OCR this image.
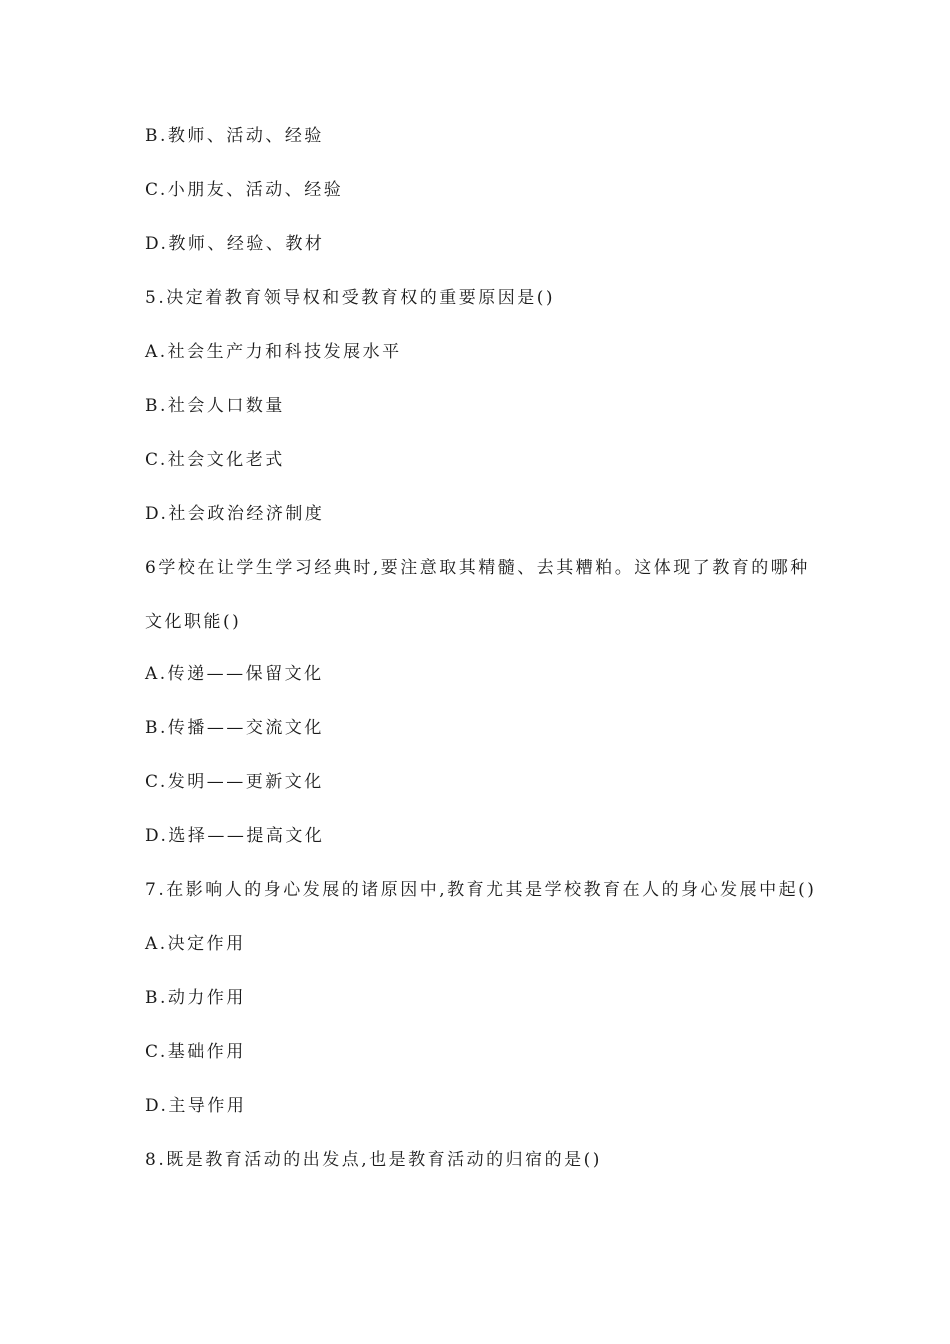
B.教师、活动、经验
C.小朋友、活动、经验
D.教师、经验、教材
5.决定着教育领导权和受教育权的重要原因是()
A.社会生产力和科技发展水平
B.社会人口数量
C.社会文化老式
D.社会政治经济制度
6学校在让学生学习经典时,要注意取其精髓、去其糟粕。这体现了教育的哪种
文化职能()
A.传递——保留文化
B.传播——交流文化
C.发明——更新文化
D.选择——提高文化
7.在影响人的身心发展的诸原因中,教育尤其是学校教育在人的身心发展中起()
A.决定作用
B.动力作用
C.基础作用
D.主导作用
8.既是教育活动的出发点,也是教育活动的归宿的是()
